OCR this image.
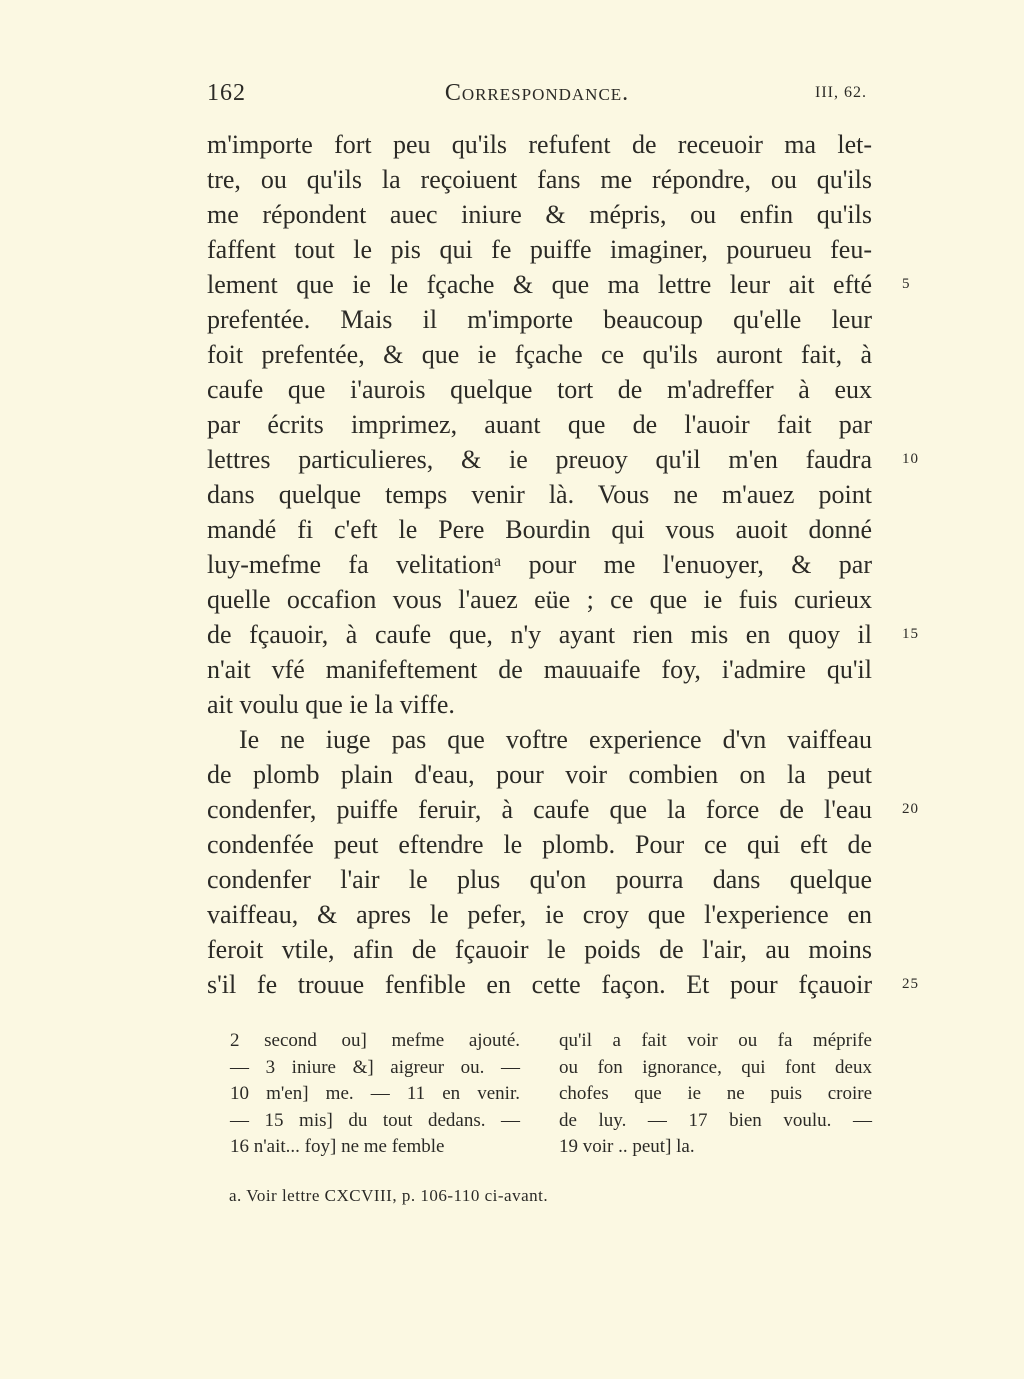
162	Correspondance.	III, 62.
m'importe fort peu qu'ils refufent de receuoir ma let-
tre, ou qu'ils la reçoiuent fans me répondre, ou qu'ils
me répondent auec iniure & mépris, ou enfin qu'ils
faffent tout le pis qui fe puiffe imaginer, pourueu feu-
lement que ie le fçache & que ma lettre leur ait efté 5
prefentée. Mais il m'importe beaucoup qu'elle leur
foit prefentée, & que ie fçache ce qu'ils auront fait, à
caufe que i'aurois quelque tort de m'adreffer à eux
par écrits imprimez, auant que de l'auoir fait par
lettres particulieres, & ie preuoy qu'il m'en faudra 10
dans quelque temps venir là. Vous ne m'auez point
mandé fi c'eft le Pere Bourdin qui vous auoit donné
luy-mefme fa velitationᵃ pour me l'enuoyer, & par
quelle occafion vous l'auez eüe ; ce que ie fuis curieux
de fçauoir, à caufe que, n'y ayant rien mis en quoy il 15
n'ait vfé manifeftement de mauuaife foy, i'admire qu'il
ait voulu que ie la viffe.
Ie ne iuge pas que voftre experience d'vn vaiffeau
de plomb plain d'eau, pour voir combien on la peut
condenfer, puiffe feruir, à caufe que la force de l'eau 20
condenfée peut eftendre le plomb. Pour ce qui eft de
condenfer l'air le plus qu'on pourra dans quelque
vaiffeau, & apres le pefer, ie croy que l'experience en
feroit vtile, afin de fçauoir le poids de l'air, au moins
s'il fe trouue fenfible en cette façon. Et pour fçauoir 25
2 second ou] mefme ajouté.
— 3 iniure &] aigreur ou. —
10 m'en] me. — 11 en venir.
— 15 mis] du tout dedans. —
16 n'ait... foy] ne me femble
qu'il a fait voir ou fa méprife
ou fon ignorance, qui font deux
chofes que ie ne puis croire
de luy. — 17 bien voulu. —
19 voir .. peut] la.
a. Voir lettre CXCVIII, p. 106-110 ci-avant.
